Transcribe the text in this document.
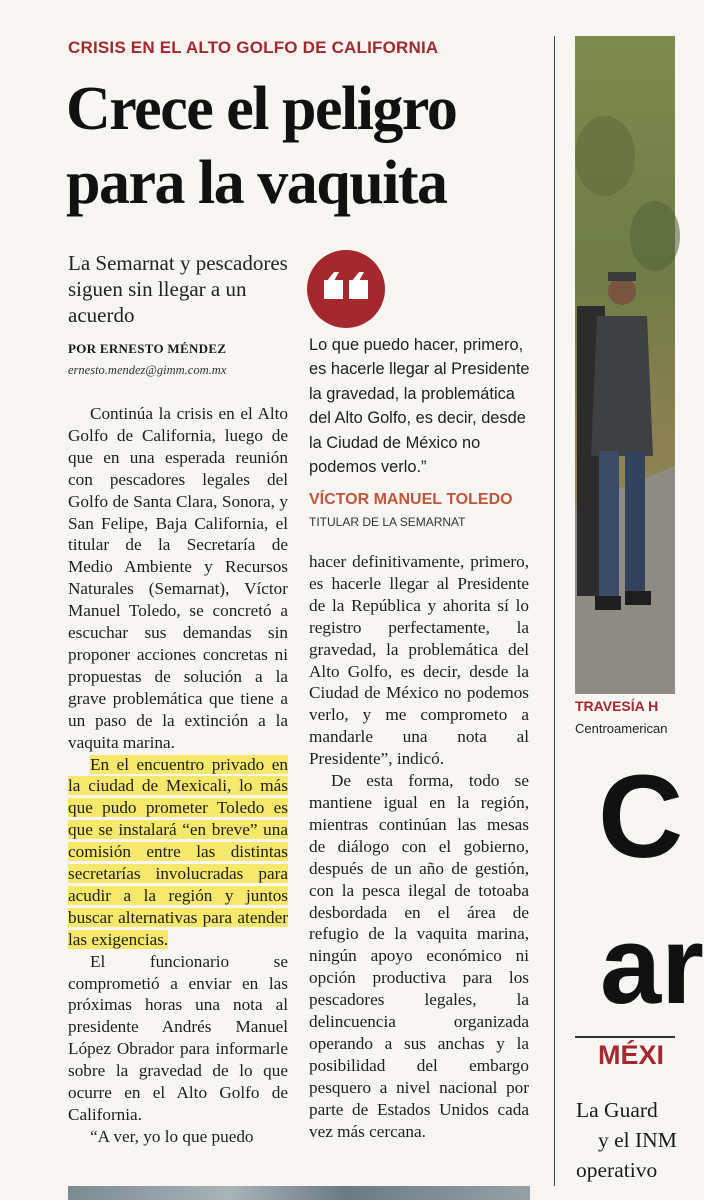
CRISIS EN EL ALTO GOLFO DE CALIFORNIA
Crece el peligro
para la vaquita
La Semarnat y pescadores siguen sin llegar a un acuerdo
POR ERNESTO MÉNDEZ
ernesto.mendez@gimm.com.mx

Continúa la crisis en el Alto Golfo de California, luego de que en una esperada reunión con pescadores legales del Golfo de Santa Clara, Sonora, y San Felipe, Baja California, el titular de la Secretaría de Medio Ambiente y Recursos Naturales (Semarnat), Víctor Manuel Toledo, se concretó a escuchar sus demandas sin proponer acciones concretas ni propuestas de solución a la grave problemática que tiene a un paso de la extinción a la vaquita marina.

En el encuentro privado en la ciudad de Mexicali, lo más que pudo prometer Toledo es que se instalará “en breve” una comisión entre las distintas secretarías involucradas para acudir a la región y juntos buscar alternativas para atender las exigencias.

El funcionario se comprometió a enviar en las próximas horas una nota al presidente Andrés Manuel López Obrador para informarle sobre la gravedad de lo que ocurre en el Alto Golfo de California.

“A ver, yo lo que puedo

Lo que puedo hacer, primero, es hacerle llegar al Presidente la gravedad, la problemática del Alto Golfo, es decir, desde la Ciudad de México no podemos verlo.”
VÍCTOR MANUEL TOLEDO
TITULAR DE LA SEMARNAT

hacer definitivamente, primero, es hacerle llegar al Presidente de la República y ahorita sí lo registro perfectamente, la gravedad, la problemática del Alto Golfo, es decir, desde la Ciudad de México no podemos verlo, y me comprometo a mandarle una nota al Presidente”, indicó.

De esta forma, todo se mantiene igual en la región, mientras continúan las mesas de diálogo con el gobierno, después de un año de gestión, con la pesca ilegal de totoaba desbordada en el área de refugio de la vaquita marina, ningún apoyo económico ni opción productiva para los pescadores legales, la delincuencia organizada operando a sus anchas y la posibilidad del embargo pesquero a nivel nacional por parte de Estados Unidos cada vez más cercana.

TRAVESÍA H
Centroamerican
C
ar
MÉXI
La Guard
y el INM
operativo
